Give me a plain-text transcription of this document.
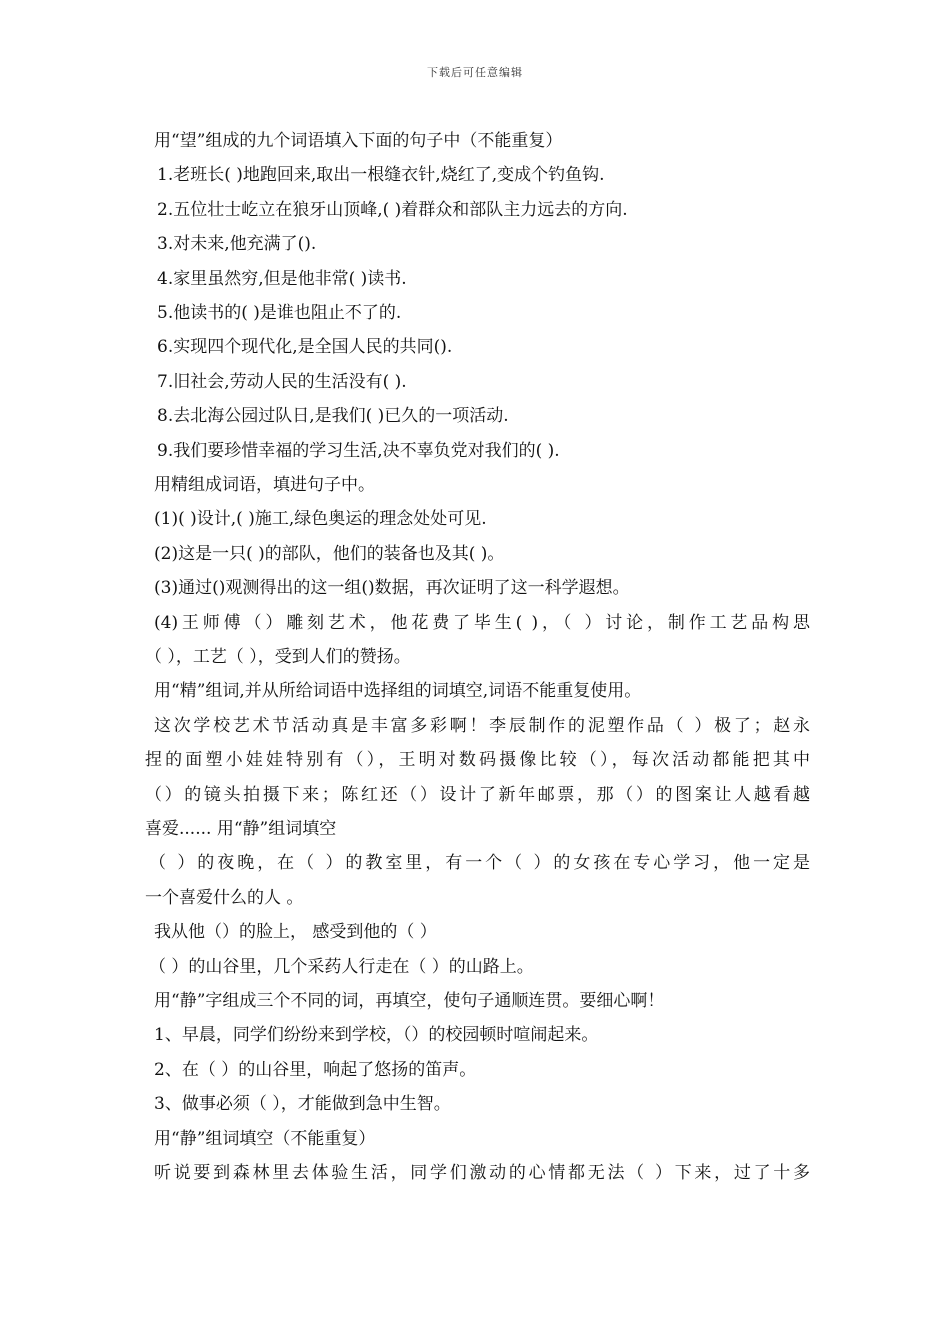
下载后可任意编辑
用“望”组成的九个词语填入下面的句子中（不能重复）
1.老班长( )地跑回来,取出一根缝衣针,烧红了,变成个钓鱼钩.
2.五位壮士屹立在狼牙山顶峰,( )着群众和部队主力远去的方向.
3.对未来,他充满了().
4.家里虽然穷,但是他非常( )读书.
5.他读书的( )是谁也阻止不了的.
6.实现四个现代化,是全国人民的共同().
7.旧社会,劳动人民的生活没有( ).
8.去北海公园过队日,是我们( )已久的一项活动.
9.我们要珍惜幸福的学习生活,决不辜负党对我们的( ).
用精组成词语，填进句子中。
(1)( )设计,( )施工,绿色奥运的理念处处可见.
(2)这是一只( )的部队，他们的装备也及其( )。
(3)通过()观测得出的这一组()数据，再次证明了这一科学遐想。
(4)王师傅（）雕刻艺术，他花费了毕生( )，（ ）讨论，制作工艺品构思
（ ），工艺（ ），受到人们的赞扬。
用“精”组词,并从所给词语中选择组的词填空,词语不能重复使用。
这次学校艺术节活动真是丰富多彩啊！李辰制作的泥塑作品（ ）极了；赵永
捏的面塑小娃娃特别有（），王明对数码摄像比较（），每次活动都能把其中
（）的镜头拍摄下来；陈红还（）设计了新年邮票，那（）的图案让人越看越
喜爱...... 用“静”组词填空
（ ）的夜晚，在（ ）的教室里，有一个（ ）的女孩在专心学习，他一定是
一个喜爱什么的人 。
我从他（）的脸上， 感受到他的（ ）
（ ）的山谷里，几个采药人行走在（ ）的山路上。
用“静”字组成三个不同的词，再填空，使句子通顺连贯。要细心啊！
1、早晨，同学们纷纷来到学校，（）的校园顿时喧闹起来。
2、在（ ）的山谷里，响起了悠扬的笛声。
3、做事必须（ ），才能做到急中生智。
用“静”组词填空（不能重复）
听说要到森林里去体验生活，同学们激动的心情都无法（ ）下来，过了十多
